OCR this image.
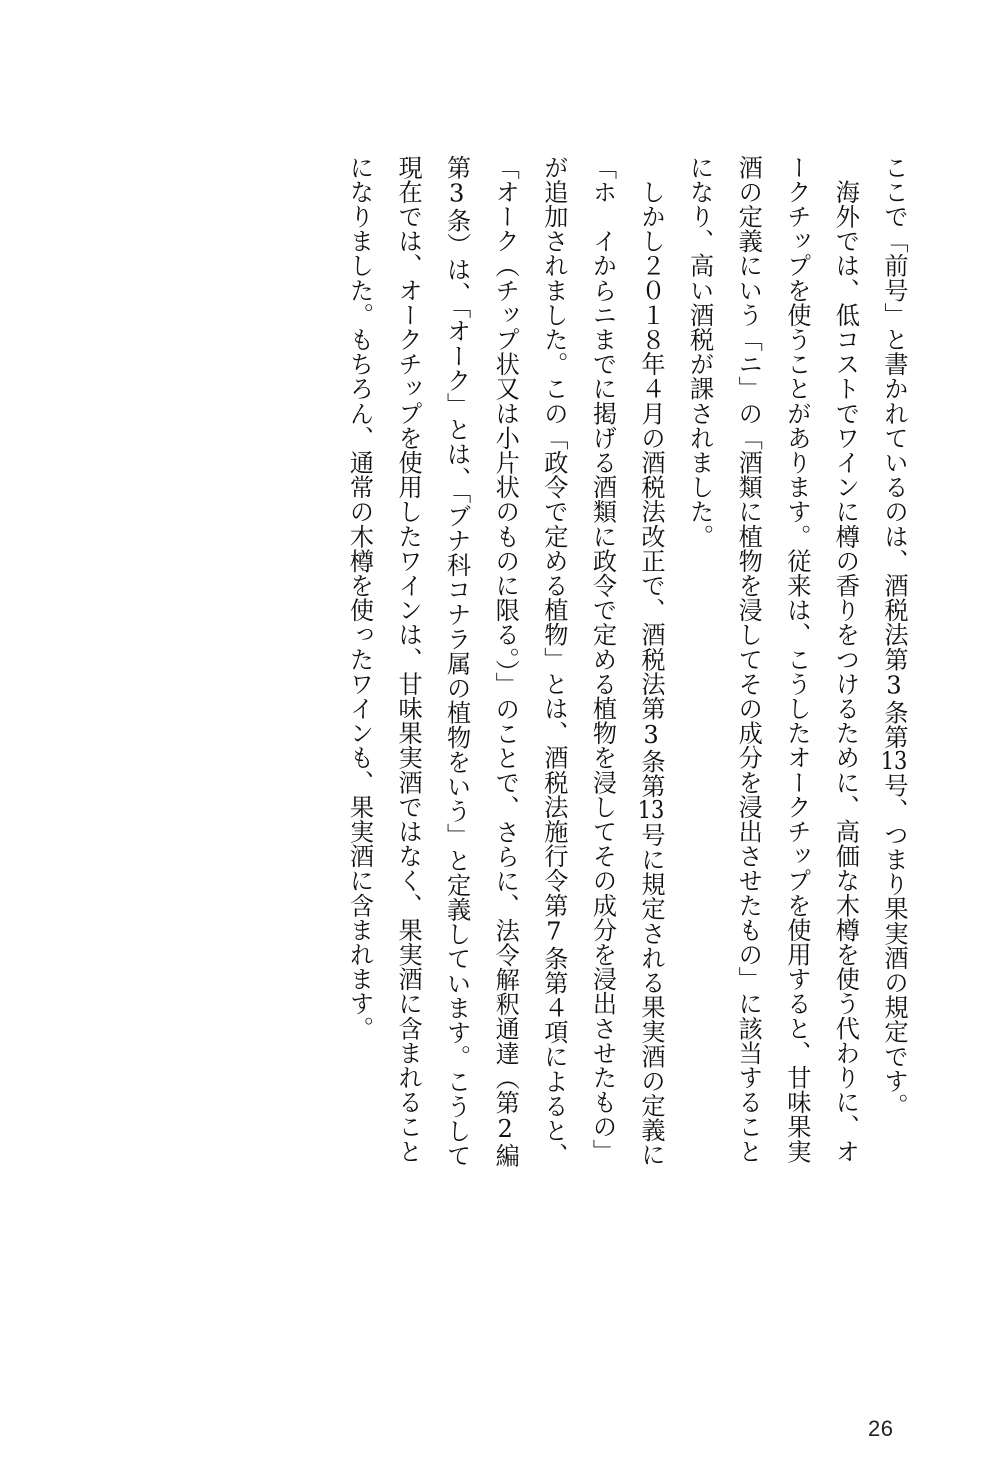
ここで「前号」と書かれているのは、酒税法第3条第13号、つまり果実酒の規定です。

　海外では、低コストでワインに樽の香りをつけるために、高価な木樽を使う代わりに、オークチップを使うことがあります。従来は、こうしたオークチップを使用すると、甘味果実酒の定義にいう「ニ」の「酒類に植物を浸してその成分を浸出させたもの」に該当することになり、高い酒税が課されました。

　しかし２０１８年４月の酒税法改正で、酒税法第3条第13号に規定される果実酒の定義に「ホ　イからニまでに掲げる酒類に政令で定める植物を浸してその成分を浸出させたもの」が追加されました。この「政令で定める植物」とは、酒税法施行令第7条第４項によると、「オーク（チップ状又は小片状のものに限る。）」のことで、さらに、法令解釈通達（第2編第3条）は、「オーク」とは、「ブナ科コナラ属の植物をいう」と定義しています。こうして現在では、オークチップを使用したワインは、甘味果実酒ではなく、果実酒に含まれることになりました。もちろん、通常の木樽を使ったワインも、果実酒に含まれます。

26
